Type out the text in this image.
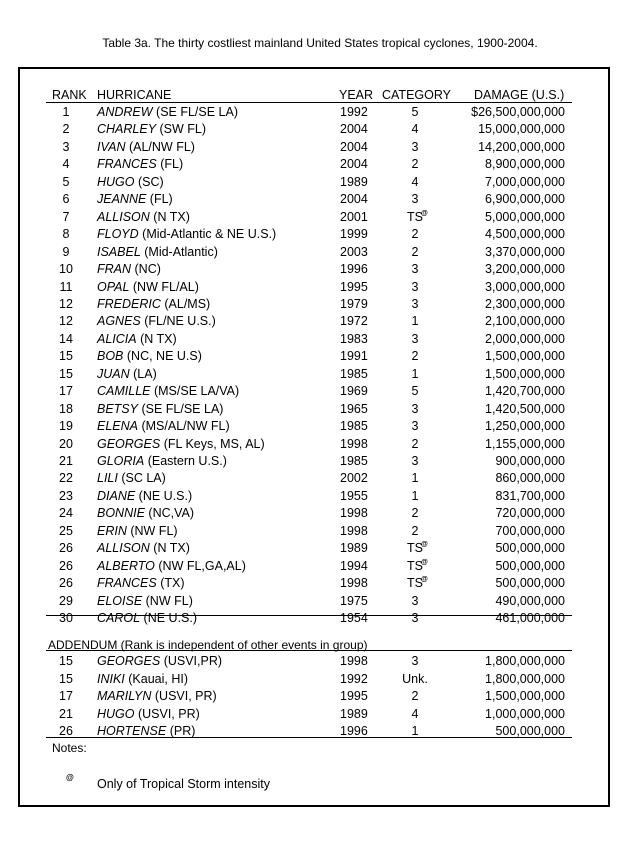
Table 3a. The thirty costliest mainland United States tropical cyclones, 1900-2004.
RANK HURRICANE	YEAR CATEGORY DAMAGE (U.S.)
1	ANDREW (SE FL/SE LA)	1992	5	$26,500,000,000
2	CHARLEY (SW FL)	2004	4	15,000,000,000
3	IVAN (AL/NW FL)	2004	3	14,200,000,000
4	FRANCES (FL)	2004	2	8,900,000,000
5	HUGO (SC)	1989	4	7,000,000,000
6	JEANNE (FL)	2004	3	6,900,000,000
7	ALLISON (N TX)	2001	TS	5,000,000,000
@
8	FLOYD (Mid-Atlantic & NE U.S.)	1999	2	4,500,000,000
9	ISABEL (Mid-Atlantic)	2003	2	3,370,000,000
10	FRAN (NC)	1996	3	3,200,000,000
11	OPAL (NW FL/AL)	1995	3	3,000,000,000
12	FREDERIC (AL/MS)	1979	3	2,300,000,000
12	AGNES (FL/NE U.S.)	1972	1	2,100,000,000
14	ALICIA (N TX)	1983	3	2,000,000,000
15	BOB (NC, NE U.S)	1991	2	1,500,000,000
15	JUAN (LA)	1985	1	1,500,000,000
17	CAMILLE (MS/SE LA/VA)	1969	5	1,420,700,000
18	BETSY (SE FL/SE LA)	1965	3	1,420,500,000
19	ELENA (MS/AL/NW FL)	1985	3	1,250,000,000
20	GEORGES (FL Keys, MS, AL)	1998	2	1,155,000,000
21	GLORIA (Eastern U.S.)	1985	3	900,000,000
22	LILI (SC LA)	2002	1	860,000,000
23	DIANE (NE U.S.)	1955	1	831,700,000
24	BONNIE (NC,VA)	1998	2	720,000,000
25	ERIN (NW FL)	1998	2	700,000,000
26	ALLISON (N TX)	1989	TS	500,000,000
@
26	ALBERTO (NW FL,GA,AL)	1994	TS	500,000,000
@
26	FRANCES (TX)	1998	TS	500,000,000
@
29	ELOISE (NW FL)	1975	3	490,000,000
30	CAROL (NE U.S.)	1954	3	461,000,000
ADDENDUM (Rank is independent of other events in group)
15	GEORGES (USVI,PR)	1998	3	1,800,000,000
15	INIKI (Kauai, HI)	1992	Unk.	1,800,000,000
17	MARILYN (USVI, PR)	1995	2	1,500,000,000
21	HUGO (USVI, PR)	1989	4	1,000,000,000
26	HORTENSE (PR)	1996	1	500,000,000
Notes:
@ Only of Tropical Storm intensity
